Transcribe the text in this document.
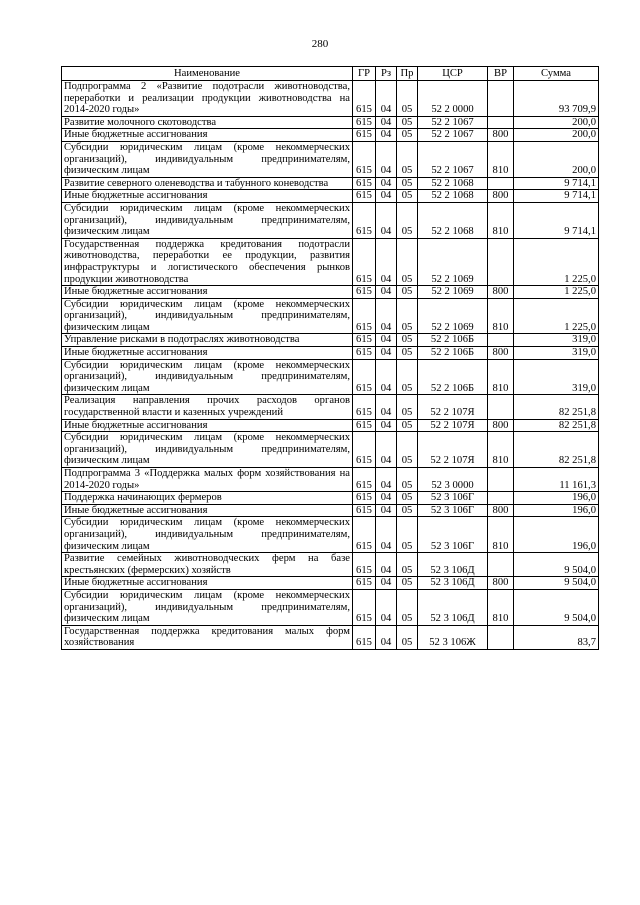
280
Наименование	ГР	Рз	Пр	ЦСР	ВР	Сумма
Подпрограмма 2 «Развитие подотрасли животноводства, переработки и реализации продукции животноводства на 2014-2020 годы»	615	04	05	52 2 0000		93 709,9
Развитие молочного скотоводства	615	04	05	52 2 1067		200,0
Иные бюджетные ассигнования	615	04	05	52 2 1067	800	200,0
Субсидии юридическим лицам (кроме некоммерческих организаций), индивидуальным предпринимателям, физическим лицам	615	04	05	52 2 1067	810	200,0
Развитие северного оленеводства и табунного коневодства	615	04	05	52 2 1068		9 714,1
Иные бюджетные ассигнования	615	04	05	52 2 1068	800	9 714,1
Субсидии юридическим лицам (кроме некоммерческих организаций), индивидуальным предпринимателям, физическим лицам	615	04	05	52 2 1068	810	9 714,1
Государственная поддержка кредитования подотрасли животноводства, переработки ее продукции, развития инфраструктуры и логистического обеспечения рынков продукции животноводства	615	04	05	52 2 1069		1 225,0
Иные бюджетные ассигнования	615	04	05	52 2 1069	800	1 225,0
Субсидии юридическим лицам (кроме некоммерческих организаций), индивидуальным предпринимателям, физическим лицам	615	04	05	52 2 1069	810	1 225,0
Управление рисками в подотраслях животноводства	615	04	05	52 2 106Б		319,0
Иные бюджетные ассигнования	615	04	05	52 2 106Б	800	319,0
Субсидии юридическим лицам (кроме некоммерческих организаций), индивидуальным предпринимателям, физическим лицам	615	04	05	52 2 106Б	810	319,0
Реализация направления прочих расходов органов государственной власти и казенных учреждений	615	04	05	52 2 107Я		82 251,8
Иные бюджетные ассигнования	615	04	05	52 2 107Я	800	82 251,8
Субсидии юридическим лицам (кроме некоммерческих организаций), индивидуальным предпринимателям, физическим лицам	615	04	05	52 2 107Я	810	82 251,8
Подпрограмма 3 «Поддержка малых форм хозяйствования на 2014-2020 годы»	615	04	05	52 3 0000		11 161,3
Поддержка начинающих фермеров	615	04	05	52 3 106Г		196,0
Иные бюджетные ассигнования	615	04	05	52 3 106Г	800	196,0
Субсидии юридическим лицам (кроме некоммерческих организаций), индивидуальным предпринимателям, физическим лицам	615	04	05	52 3 106Г	810	196,0
Развитие семейных животноводческих ферм на базе крестьянских (фермерских) хозяйств	615	04	05	52 3 106Д		9 504,0
Иные бюджетные ассигнования	615	04	05	52 3 106Д	800	9 504,0
Субсидии юридическим лицам (кроме некоммерческих организаций), индивидуальным предпринимателям, физическим лицам	615	04	05	52 3 106Д	810	9 504,0
Государственная поддержка кредитования малых форм хозяйствования	615	04	05	52 3 106Ж		83,7
